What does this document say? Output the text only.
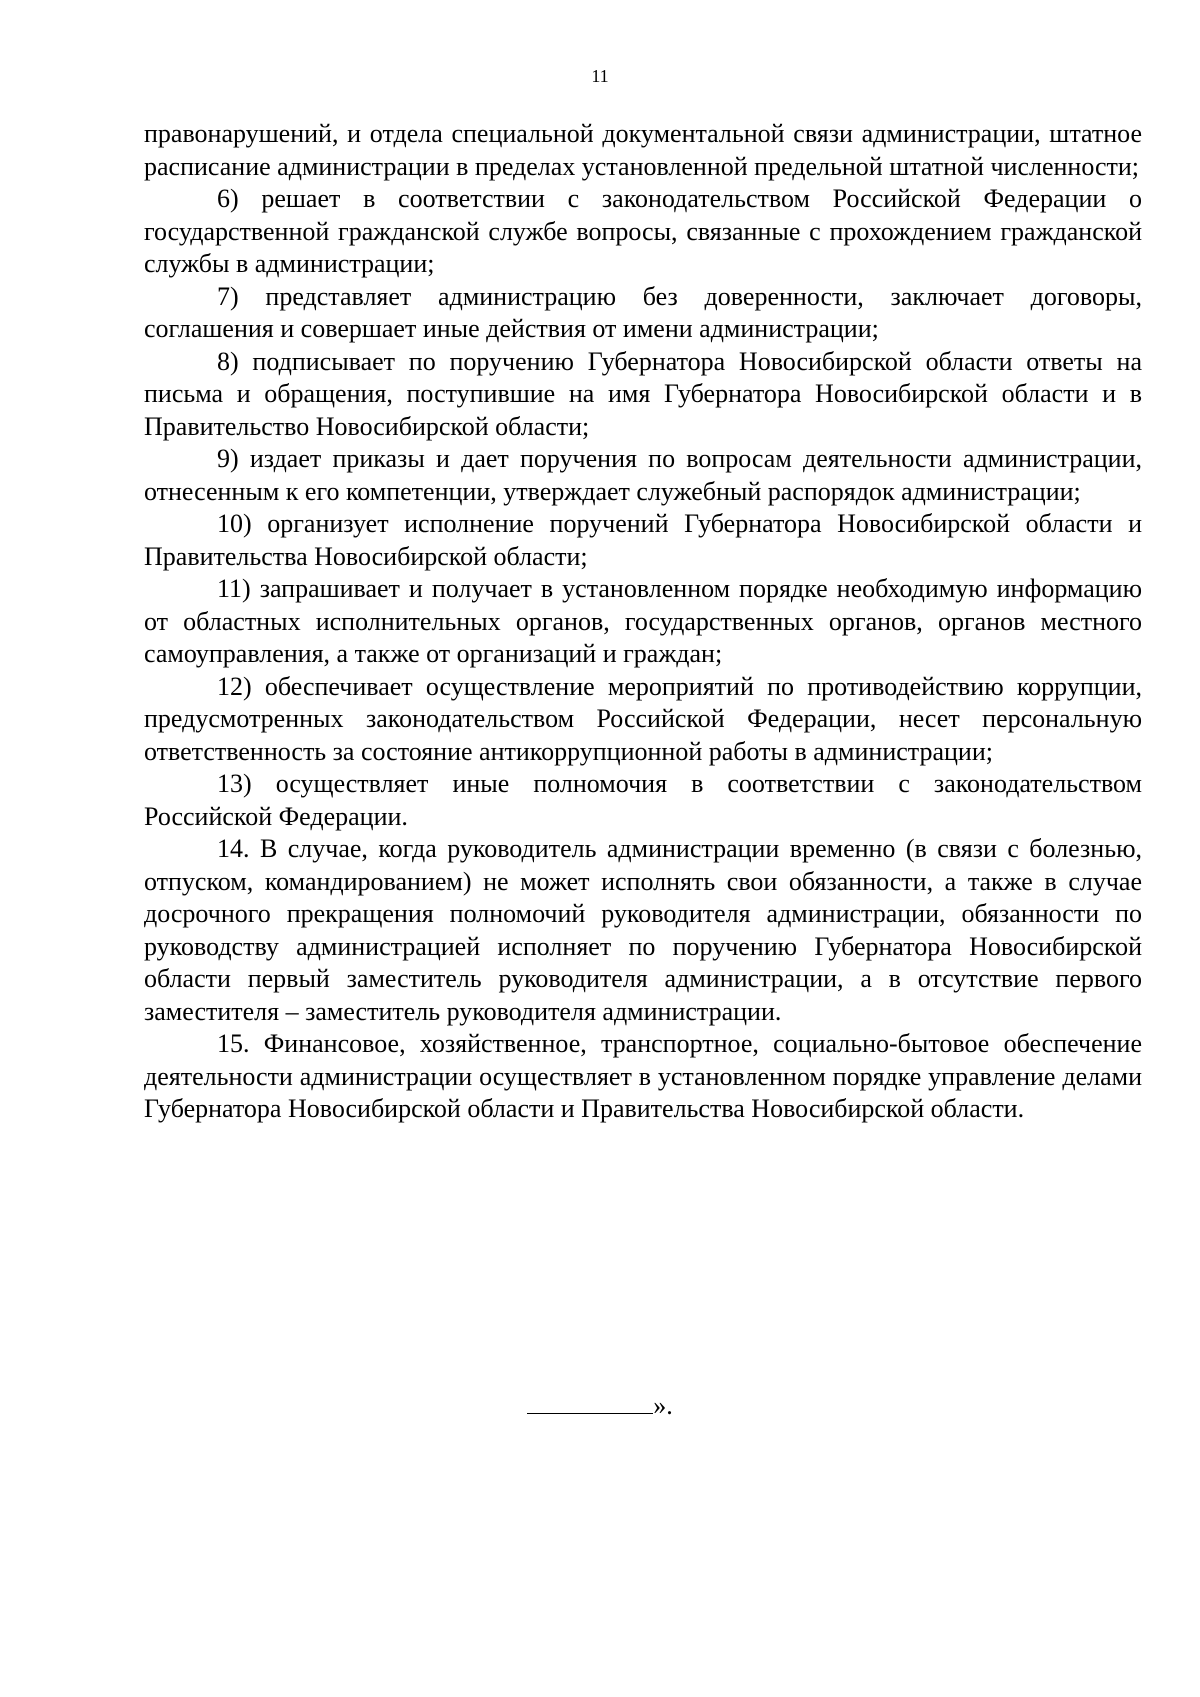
11

правонарушений, и отдела специальной документальной связи администрации, штатное расписание администрации в пределах установленной предельной штатной численности;

6) решает в соответствии с законодательством Российской Федерации о государственной гражданской службе вопросы, связанные с прохождением гражданской службы в администрации;

7) представляет администрацию без доверенности, заключает договоры, соглашения и совершает иные действия от имени администрации;

8) подписывает по поручению Губернатора Новосибирской области ответы на письма и обращения, поступившие на имя Губернатора Новосибирской области и в Правительство Новосибирской области;

9) издает приказы и дает поручения по вопросам деятельности администрации, отнесенным к его компетенции, утверждает служебный распорядок администрации;

10) организует исполнение поручений Губернатора Новосибирской области и Правительства Новосибирской области;

11) запрашивает и получает в установленном порядке необходимую информацию от областных исполнительных органов, государственных органов, органов местного самоуправления, а также от организаций и граждан;

12) обеспечивает осуществление мероприятий по противодействию коррупции, предусмотренных законодательством Российской Федерации, несет персональную ответственность за состояние антикоррупционной работы в администрации;

13) осуществляет иные полномочия в соответствии с законодательством Российской Федерации.

14. В случае, когда руководитель администрации временно (в связи с болезнью, отпуском, командированием) не может исполнять свои обязанности, а также в случае досрочного прекращения полномочий руководителя администрации, обязанности по руководству администрацией исполняет по поручению Губернатора Новосибирской области первый заместитель руководителя администрации, а в отсутствие первого заместителя – заместитель руководителя администрации.

15. Финансовое, хозяйственное, транспортное, социально-бытовое обеспечение деятельности администрации осуществляет в установленном порядке управление делами Губернатора Новосибирской области и Правительства Новосибирской области.

».
